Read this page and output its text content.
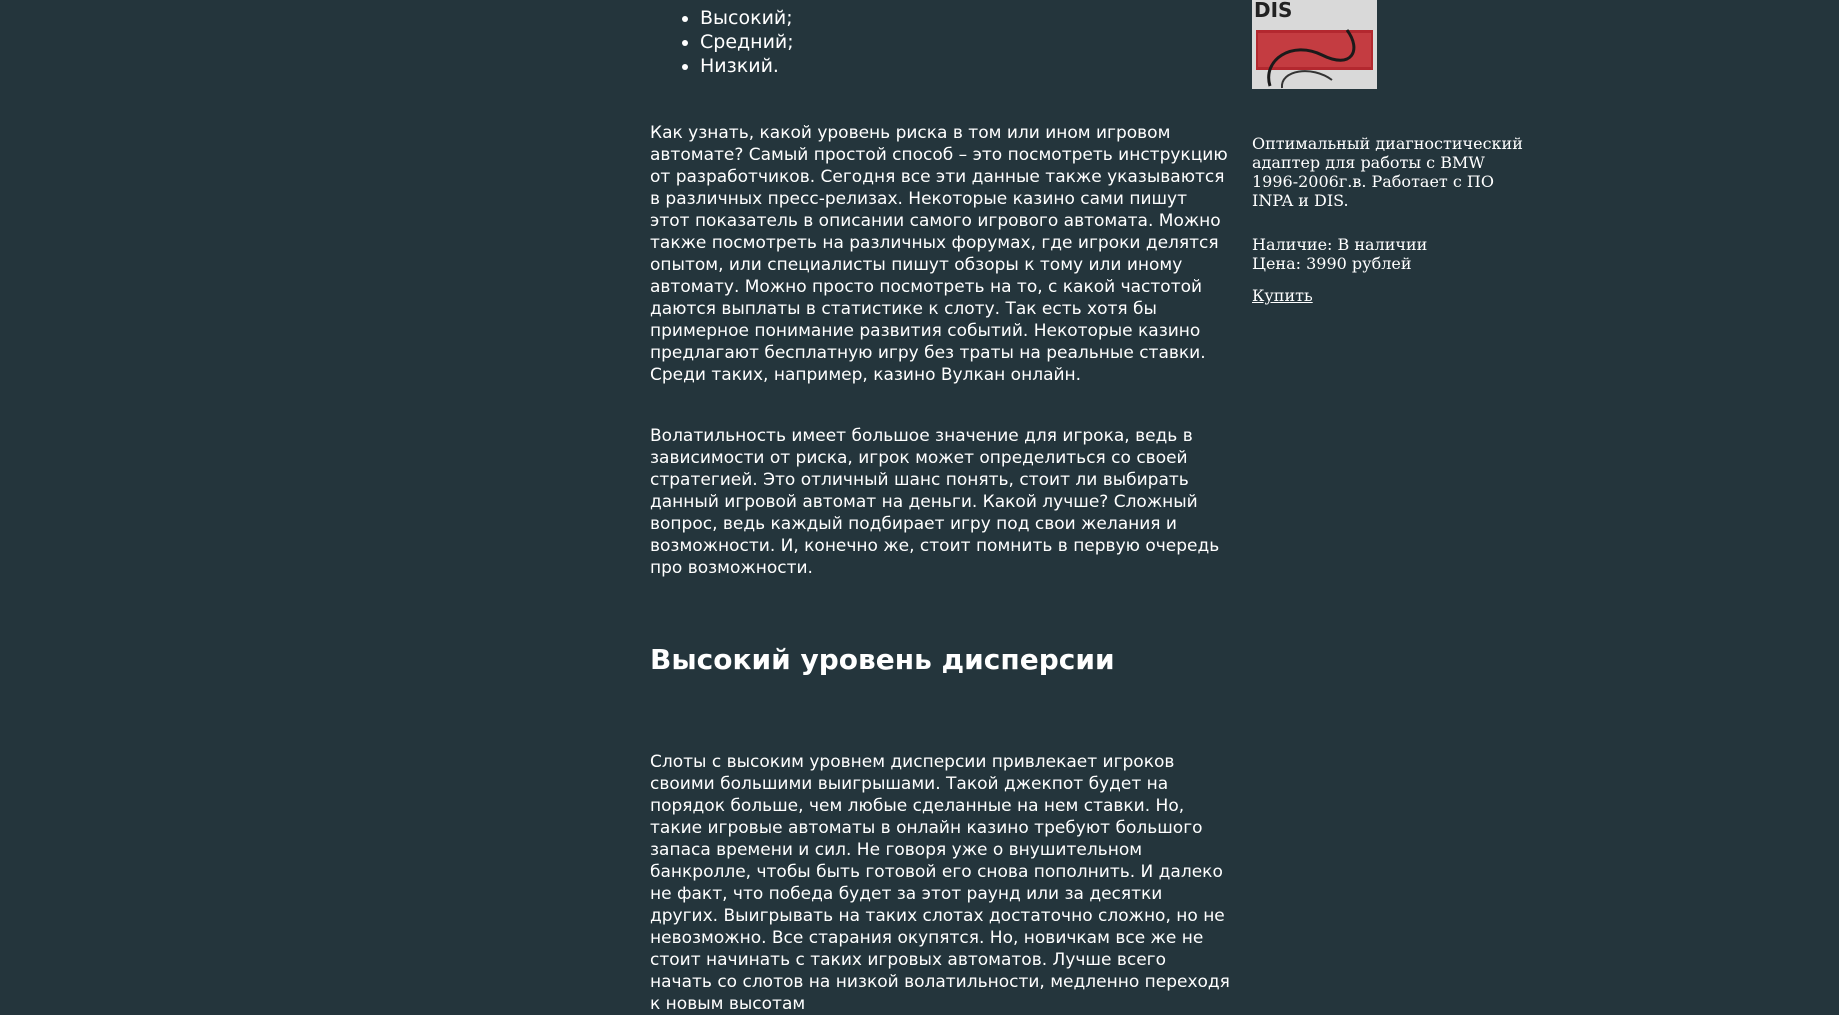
• Высокий;
• Средний;
• Низкий.

Как узнать, какой уровень риска в том или ином игровом автомате? Самый простой способ – это посмотреть инструкцию от разработчиков. Сегодня все эти данные также указываются в различных пресс-релизах. Некоторые казино сами пишут этот показатель в описании самого игрового автомата. Можно также посмотреть на различных форумах, где игроки делятся опытом, или специалисты пишут обзоры к тому или иному автомату. Можно просто посмотреть на то, с какой частотой даются выплаты в статистике к слоту. Так есть хотя бы примерное понимание развития событий. Некоторые казино предлагают бесплатную игру без траты на реальные ставки. Среди таких, например, казино Вулкан онлайн.

Волатильность имеет большое значение для игрока, ведь в зависимости от риска, игрок может определиться со своей стратегией. Это отличный шанс понять, стоит ли выбирать данный игровой автомат на деньги. Какой лучше? Сложный вопрос, ведь каждый подбирает игру под свои желания и возможности. И, конечно же, стоит помнить в первую очередь про возможности.

Высокий уровень дисперсии

Слоты с высоким уровнем дисперсии привлекает игроков своими большими выигрышами. Такой джекпот будет на порядок больше, чем любые сделанные на нем ставки. Но, такие игровые автоматы в онлайн казино требуют большого запаса времени и сил. Не говоря уже о внушительном банкролле, чтобы быть готовой его снова пополнить. И далеко не факт, что победа будет за этот раунд или за десятки других. Выигрывать на таких слотах достаточно сложно, но не невозможно. Все старания окупятся. Но, новичкам все же не стоит начинать с таких игровых автоматов. Лучше всего начать со слотов на низкой волатильности, медленно переходя к новым высотам

DIS

Оптимальный диагностический адаптер для работы с BMW 1996-2006г.в. Работает с ПО INPA и DIS.

Наличие: В наличии

Цена: 3990 рублей

Купить
